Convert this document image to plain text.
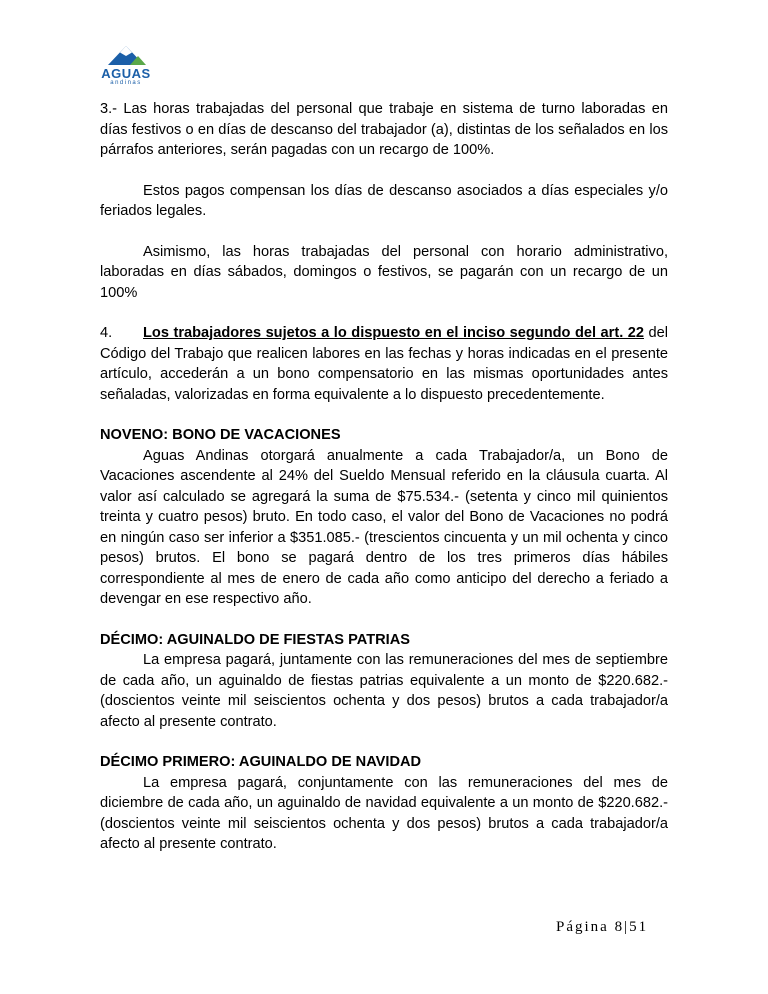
AGUAS
andinas

3.- Las horas trabajadas del personal que trabaje en sistema de turno laboradas en días festivos o en días de descanso del trabajador (a), distintas de los señalados en los párrafos anteriores, serán pagadas con un recargo de 100%.

Estos pagos compensan los días de descanso asociados a días especiales y/o feriados legales.

Asimismo, las horas trabajadas del personal con horario administrativo, laboradas en días sábados, domingos o festivos, se pagarán con un recargo de un 100%

4. Los trabajadores sujetos a lo dispuesto en el inciso segundo del art. 22 del Código del Trabajo que realicen labores en las fechas y horas indicadas en el presente artículo, accederán a un bono compensatorio en las mismas oportunidades antes señaladas, valorizadas en forma equivalente a lo dispuesto precedentemente.

NOVENO: BONO DE VACACIONES

Aguas Andinas otorgará anualmente a cada Trabajador/a, un Bono de Vacaciones ascendente al 24% del Sueldo Mensual referido en la cláusula cuarta. Al valor así calculado se agregará la suma de $75.534.- (setenta y cinco mil quinientos treinta y cuatro pesos) bruto. En todo caso, el valor del Bono de Vacaciones no podrá en ningún caso ser inferior a $351.085.- (trescientos cincuenta y un mil ochenta y cinco pesos) brutos. El bono se pagará dentro de los tres primeros días hábiles correspondiente al mes de enero de cada año como anticipo del derecho a feriado a devengar en ese respectivo año.

DÉCIMO: AGUINALDO DE FIESTAS PATRIAS

La empresa pagará, juntamente con las remuneraciones del mes de septiembre de cada año, un aguinaldo de fiestas patrias equivalente a un monto de $220.682.- (doscientos veinte mil seiscientos ochenta y dos pesos) brutos a cada trabajador/a afecto al presente contrato.

DÉCIMO PRIMERO: AGUINALDO DE NAVIDAD

La empresa pagará, conjuntamente con las remuneraciones del mes de diciembre de cada año, un aguinaldo de navidad equivalente a un monto de $220.682.- (doscientos veinte mil seiscientos ochenta y dos pesos) brutos a cada trabajador/a afecto al presente contrato.

Página 8|51
